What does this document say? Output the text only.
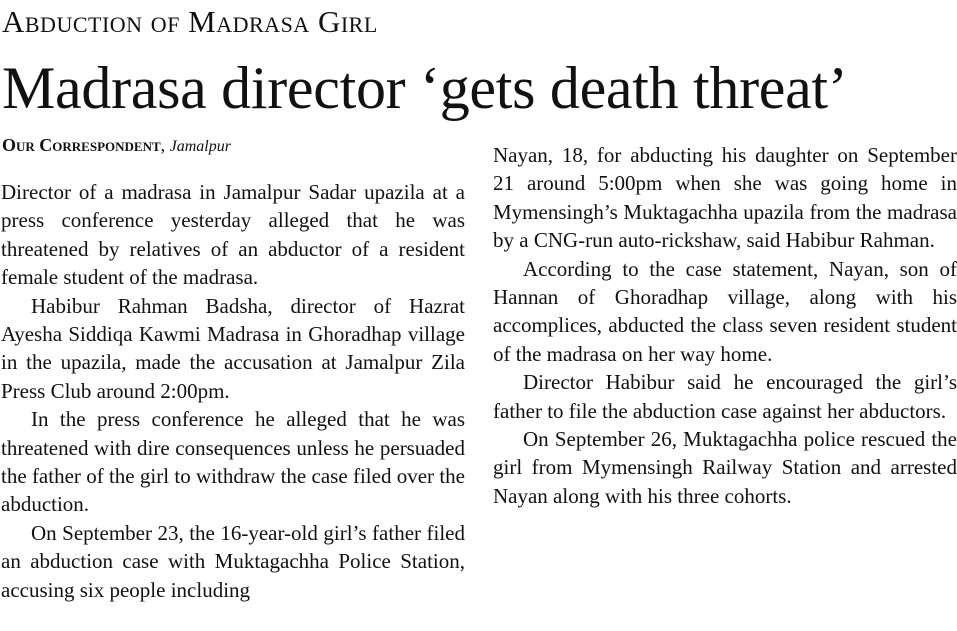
Abduction of Madrasa Girl
Madrasa director ‘gets death threat’
Our Correspondent, Jamalpur

Director of a madrasa in Jamalpur Sadar upazila at a press conference yesterday alleged that he was threatened by relatives of an abductor of a resident female student of the madrasa.

Habibur Rahman Badsha, director of Hazrat Ayesha Siddiqa Kawmi Madrasa in Ghoradhap village in the upazila, made the accusation at Jamalpur Zila Press Club around 2:00pm.

In the press conference he alleged that he was threatened with dire consequences unless he persuaded the father of the girl to withdraw the case filed over the abduction.

On September 23, the 16-year-old girl’s father filed an abduction case with Muktagachha Police Station, accusing six people including

Nayan, 18, for abducting his daughter on September 21 around 5:00pm when she was going home in Mymensingh’s Muktagachha upazila from the madrasa by a CNG-run auto-rickshaw, said Habibur Rahman.

According to the case statement, Nayan, son of Hannan of Ghoradhap village, along with his accomplices, abducted the class seven resident student of the madrasa on her way home.

Director Habibur said he encouraged the girl’s father to file the abduction case against her abductors.

On September 26, Muktagachha police rescued the girl from Mymensingh Railway Station and arrested Nayan along with his three cohorts.
